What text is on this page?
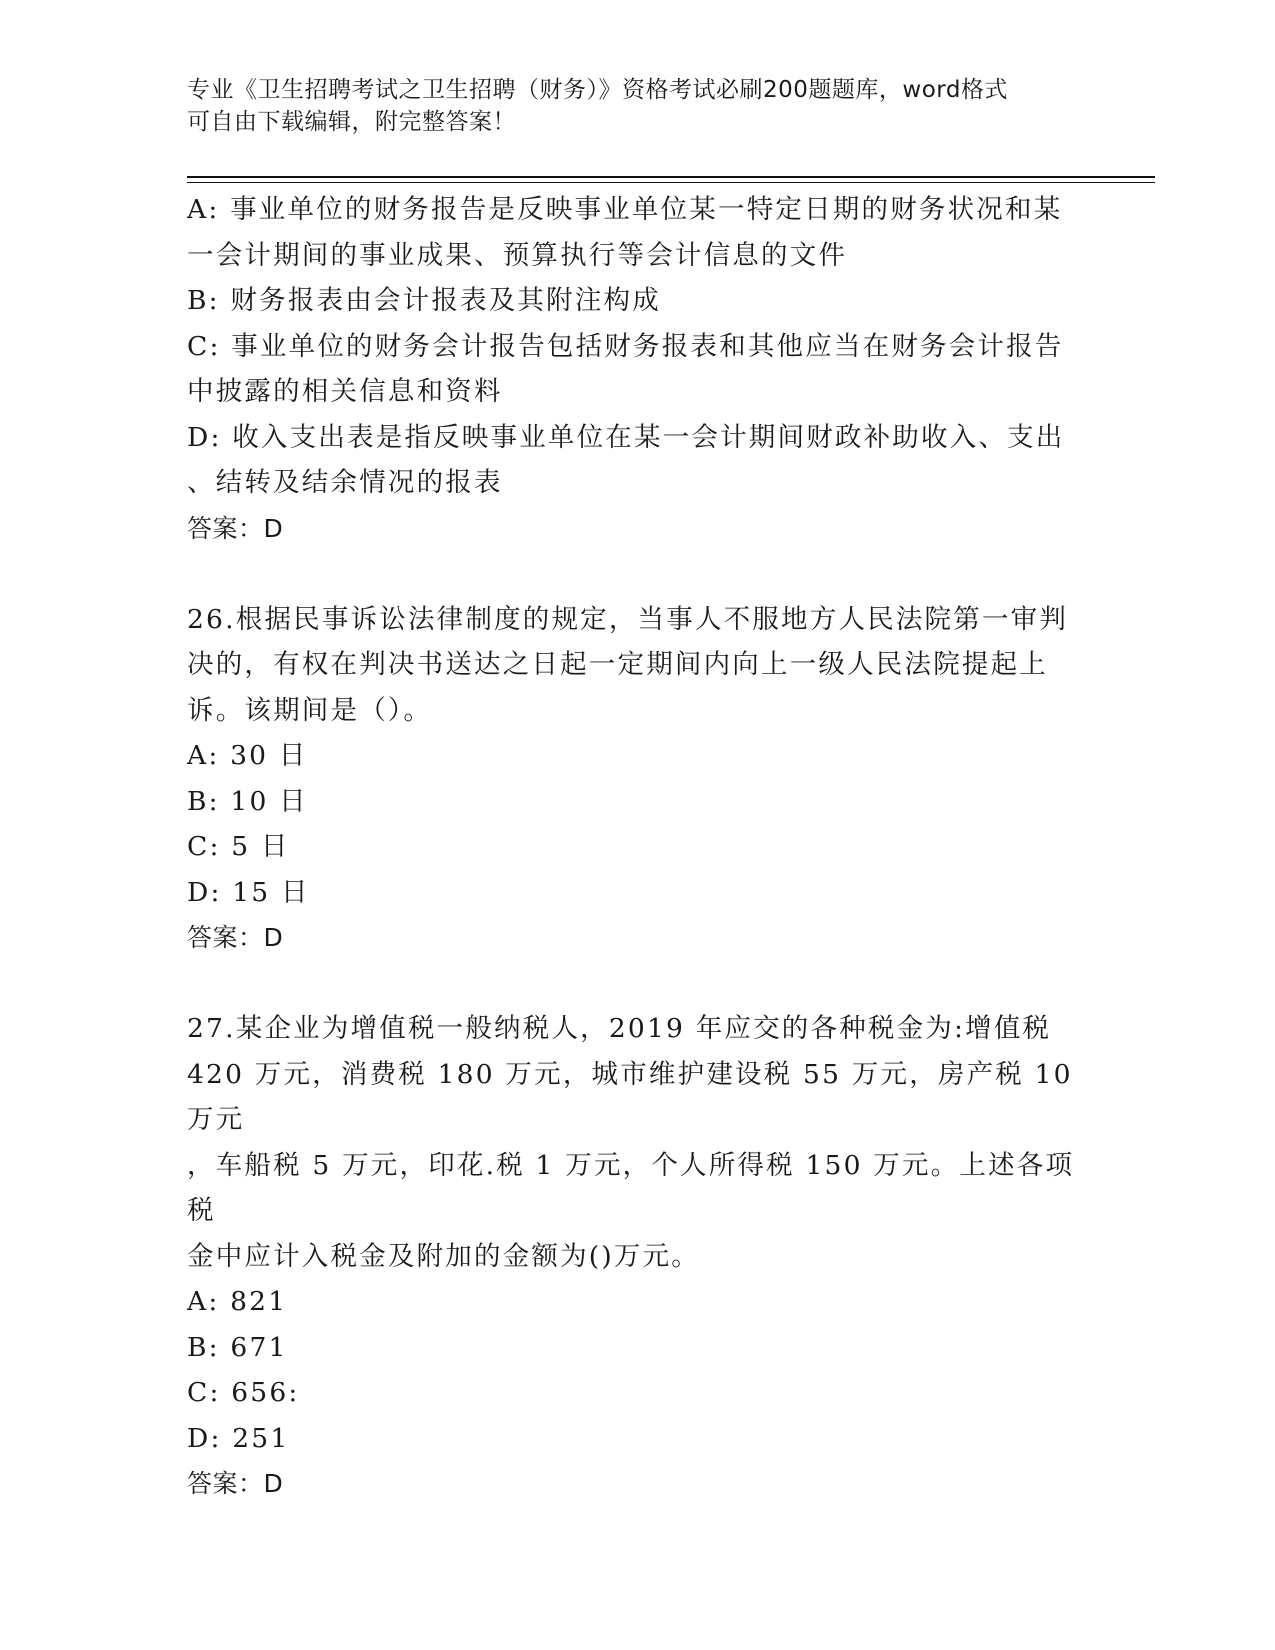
专业《卫生招聘考试之卫生招聘（财务）》资格考试必刷200题题库，word格式
可自由下载编辑，附完整答案！

A: 事业单位的财务报告是反映事业单位某一特定日期的财务状况和某

一会计期间的事业成果、预算执行等会计信息的文件

B: 财务报表由会计报表及其附注构成

C: 事业单位的财务会计报告包括财务报表和其他应当在财务会计报告

中披露的相关信息和资料

D: 收入支出表是指反映事业单位在某一会计期间财政补助收入、支出

、结转及结余情况的报表

答案：D

26.根据民事诉讼法律制度的规定，当事人不服地方人民法院第一审判

决的，有权在判决书送达之日起一定期间内向上一级人民法院提起上

诉。该期间是（）。

A: 30 日

B: 10 日

C: 5 日

D: 15 日

答案：D

27.某企业为增值税一般纳税人，2019 年应交的各种税金为:增值税

420 万元，消费税 180 万元，城市维护建设税 55 万元，房产税 10 万元

，车船税 5 万元，印花.税 1 万元，个人所得税 150 万元。上述各项税

金中应计入税金及附加的金额为()万元。

A: 821

B: 671

C: 656:

D: 251

答案：D
